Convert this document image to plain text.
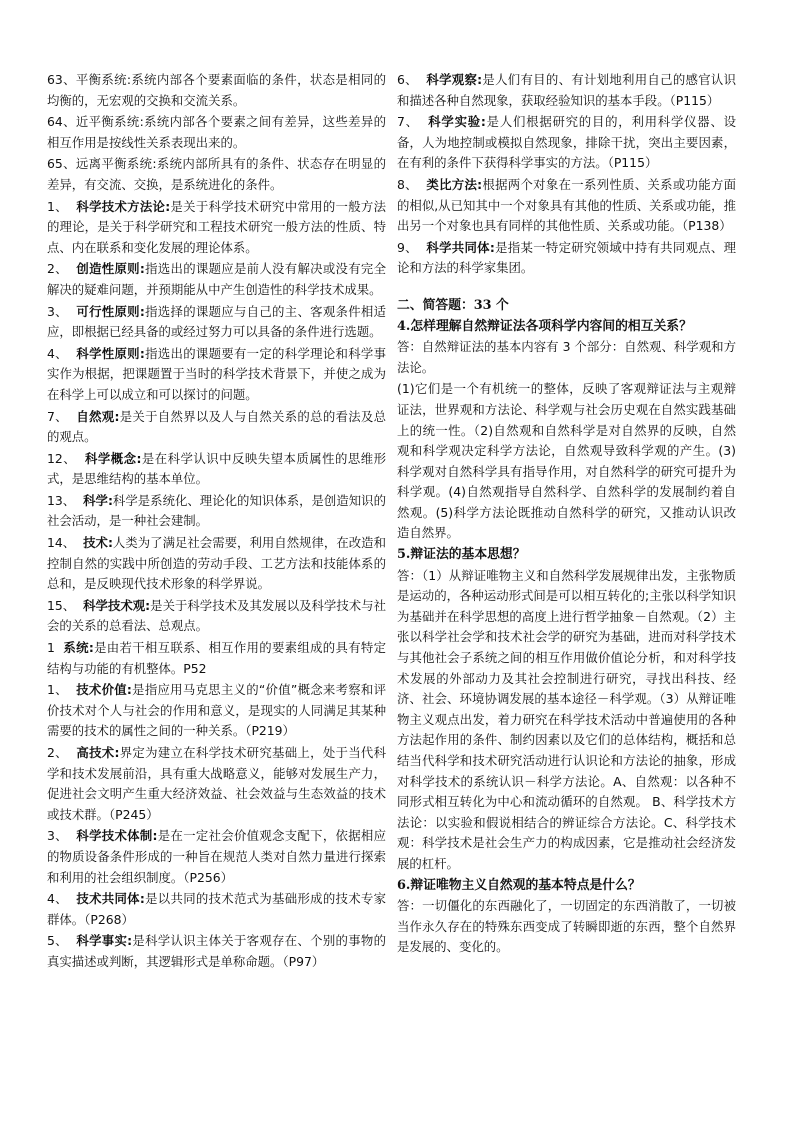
63、平衡系统:系统内部各个要素面临的条件，状态是相同的均衡的，无宏观的交换和交流关系。

64、近平衡系统:系统内部各个要素之间有差异，这些差异的相互作用是按线性关系表现出来的。

65、远离平衡系统:系统内部所具有的条件、状态存在明显的差异，有交流、交换，是系统进化的条件。

1、 科学技术方法论:是关于科学技术研究中常用的一般方法的理论，是关于科学研究和工程技术研究一般方法的性质、特点、内在联系和变化发展的理论体系。

2、 创造性原则:指选出的课题应是前人没有解决或没有完全解决的疑难问题，并预期能从中产生创造性的科学技术成果。

3、 可行性原则:指选择的课题应与自己的主、客观条件相适应，即根据已经具备的或经过努力可以具备的条件进行选题。

4、 科学性原则:指选出的课题要有一定的科学理论和科学事实作为根据，把课题置于当时的科学技术背景下，并使之成为在科学上可以成立和可以探讨的问题。

7、 自然观:是关于自然界以及人与自然关系的总的看法及总的观点。

12、 科学概念:是在科学认识中反映失望本质属性的思维形式，是思维结构的基本单位。

13、 科学:科学是系统化、理论化的知识体系，是创造知识的社会活动，是一种社会建制。

14、 技术:人类为了满足社会需要，利用自然规律，在改造和控制自然的实践中所创造的劳动手段、工艺方法和技能体系的总和，是反映现代技术形象的科学界说。

15、 科学技术观:是关于科学技术及其发展以及科学技术与社会的关系的总看法、总观点。

1 系统:是由若干相互联系、相互作用的要素组成的具有特定结构与功能的有机整体。P52

1、 技术价值:是指应用马克思主义的“价值”概念来考察和评价技术对个人与社会的作用和意义，是现实的人同满足其某种需要的技术的属性之间的一种关系。（P219）

2、 高技术:界定为建立在科学技术研究基础上，处于当代科学和技术发展前沿，具有重大战略意义，能够对发展生产力，促进社会文明产生重大经济效益、社会效益与生态效益的技术或技术群。（P245）

3、 科学技术体制:是在一定社会价值观念支配下，依据相应的物质设备条件形成的一种旨在规范人类对自然力量进行探索和利用的社会组织制度。（P256）

4、 技术共同体:是以共同的技术范式为基础形成的技术专家群体。（P268）

5、 科学事实:是科学认识主体关于客观存在、个别的事物的真实描述或判断，其逻辑形式是单称命题。（P97）

6、 科学观察:是人们有目的、有计划地利用自己的感官认识和描述各种自然现象，获取经验知识的基本手段。（P115）

7、 科学实验:是人们根据研究的目的，利用科学仪器、设备，人为地控制或模拟自然现象，排除干扰，突出主要因素，在有利的条件下获得科学事实的方法。（P115）

8、 类比方法:根据两个对象在一系列性质、关系或功能方面的相似,从已知其中一个对象具有其他的性质、关系或功能，推出另一个对象也具有同样的其他性质、关系或功能。（P138）

9、 科学共同体:是指某一特定研究领域中持有共同观点、理论和方法的科学家集团。

二、简答题：33 个

4.怎样理解自然辩证法各项科学内容间的相互关系？

答：自然辩证法的基本内容有 3 个部分：自然观、科学观和方法论。

(1)它们是一个有机统一的整体，反映了客观辩证法与主观辩证法，世界观和方法论、科学观与社会历史观在自然实践基础上的统一性。（2)自然观和自然科学是对自然界的反映，自然观和科学观决定科学方法论，自然观导致科学观的产生。(3)科学观对自然科学具有指导作用，对自然科学的研究可提升为科学观。(4)自然观指导自然科学、自然科学的发展制约着自然观。(5)科学方法论既推动自然科学的研究，又推动认识改造自然界。

5.辩证法的基本思想？

答：（1）从辩证唯物主义和自然科学发展规律出发，主张物质是运动的，各种运动形式间是可以相互转化的;主张以科学知识为基础并在科学思想的高度上进行哲学抽象－自然观。（2）主张以科学社会学和技术社会学的研究为基础，进而对科学技术与其他社会子系统之间的相互作用做价值论分析，和对科学技术发展的外部动力及其社会控制进行研究，寻找出科技、经济、社会、环境协调发展的基本途径－科学观。（3）从辩证唯物主义观点出发，着力研究在科学技术活动中普遍使用的各种方法起作用的条件、制约因素以及它们的总体结构，概括和总结当代科学和技术研究活动进行认识论和方法论的抽象，形成对科学技术的系统认识－科学方法论。A、自然观：以各种不同形式相互转化为中心和流动循环的自然观。 B、科学技术方法论：以实验和假说相结合的辨证综合方法论。C、科学技术观：科学技术是社会生产力的构成因素，它是推动社会经济发展的杠杆。

6.辩证唯物主义自然观的基本特点是什么？

答：一切僵化的东西融化了，一切固定的东西消散了，一切被当作永久存在的特殊东西变成了转瞬即逝的东西，整个自然界是发展的、变化的。
